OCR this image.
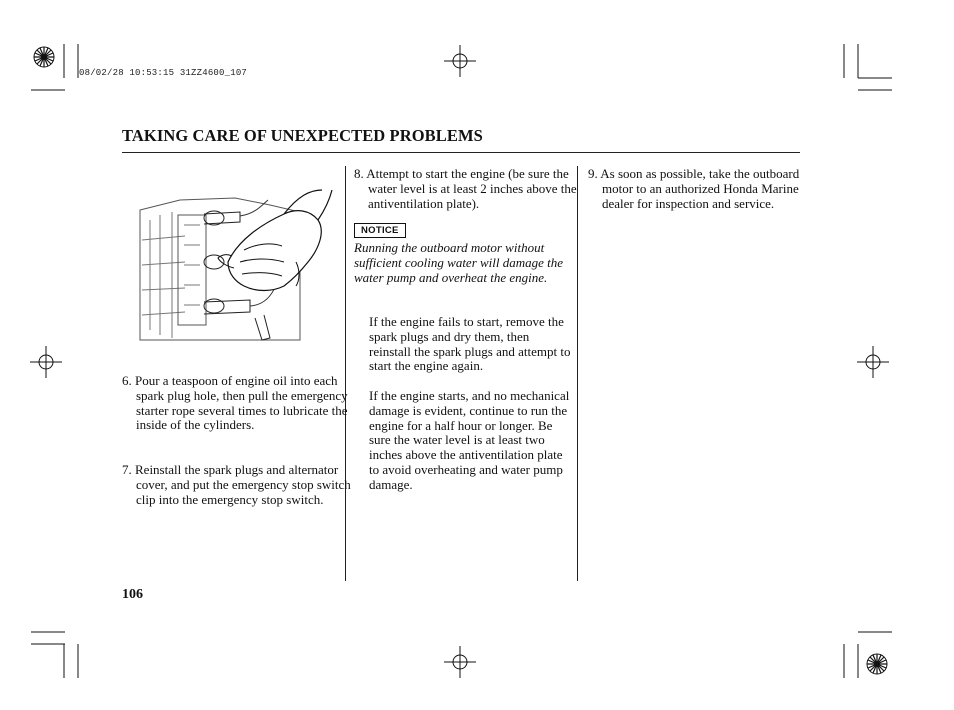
08/02/28 10:53:15 31ZZ4600_107
TAKING CARE OF UNEXPECTED PROBLEMS
6. Pour a teaspoon of engine oil into each spark plug hole, then pull the emergency starter rope several times to lubricate the inside of the cylinders.
7. Reinstall the spark plugs and alternator cover, and put the emergency stop switch clip into the emergency stop switch.
8. Attempt to start the engine (be sure the water level is at least 2 inches above the antiventilation plate).
NOTICE
Running the outboard motor without sufficient cooling water will damage the water pump and overheat the engine.
If the engine fails to start, remove the spark plugs and dry them, then reinstall the spark plugs and attempt to start the engine again.
If the engine starts, and no mechanical damage is evident, continue to run the engine for a half hour or longer. Be sure the water level is at least two inches above the antiventilation plate to avoid overheating and water pump damage.
9. As soon as possible, take the outboard motor to an authorized Honda Marine dealer for inspection and service.
106
